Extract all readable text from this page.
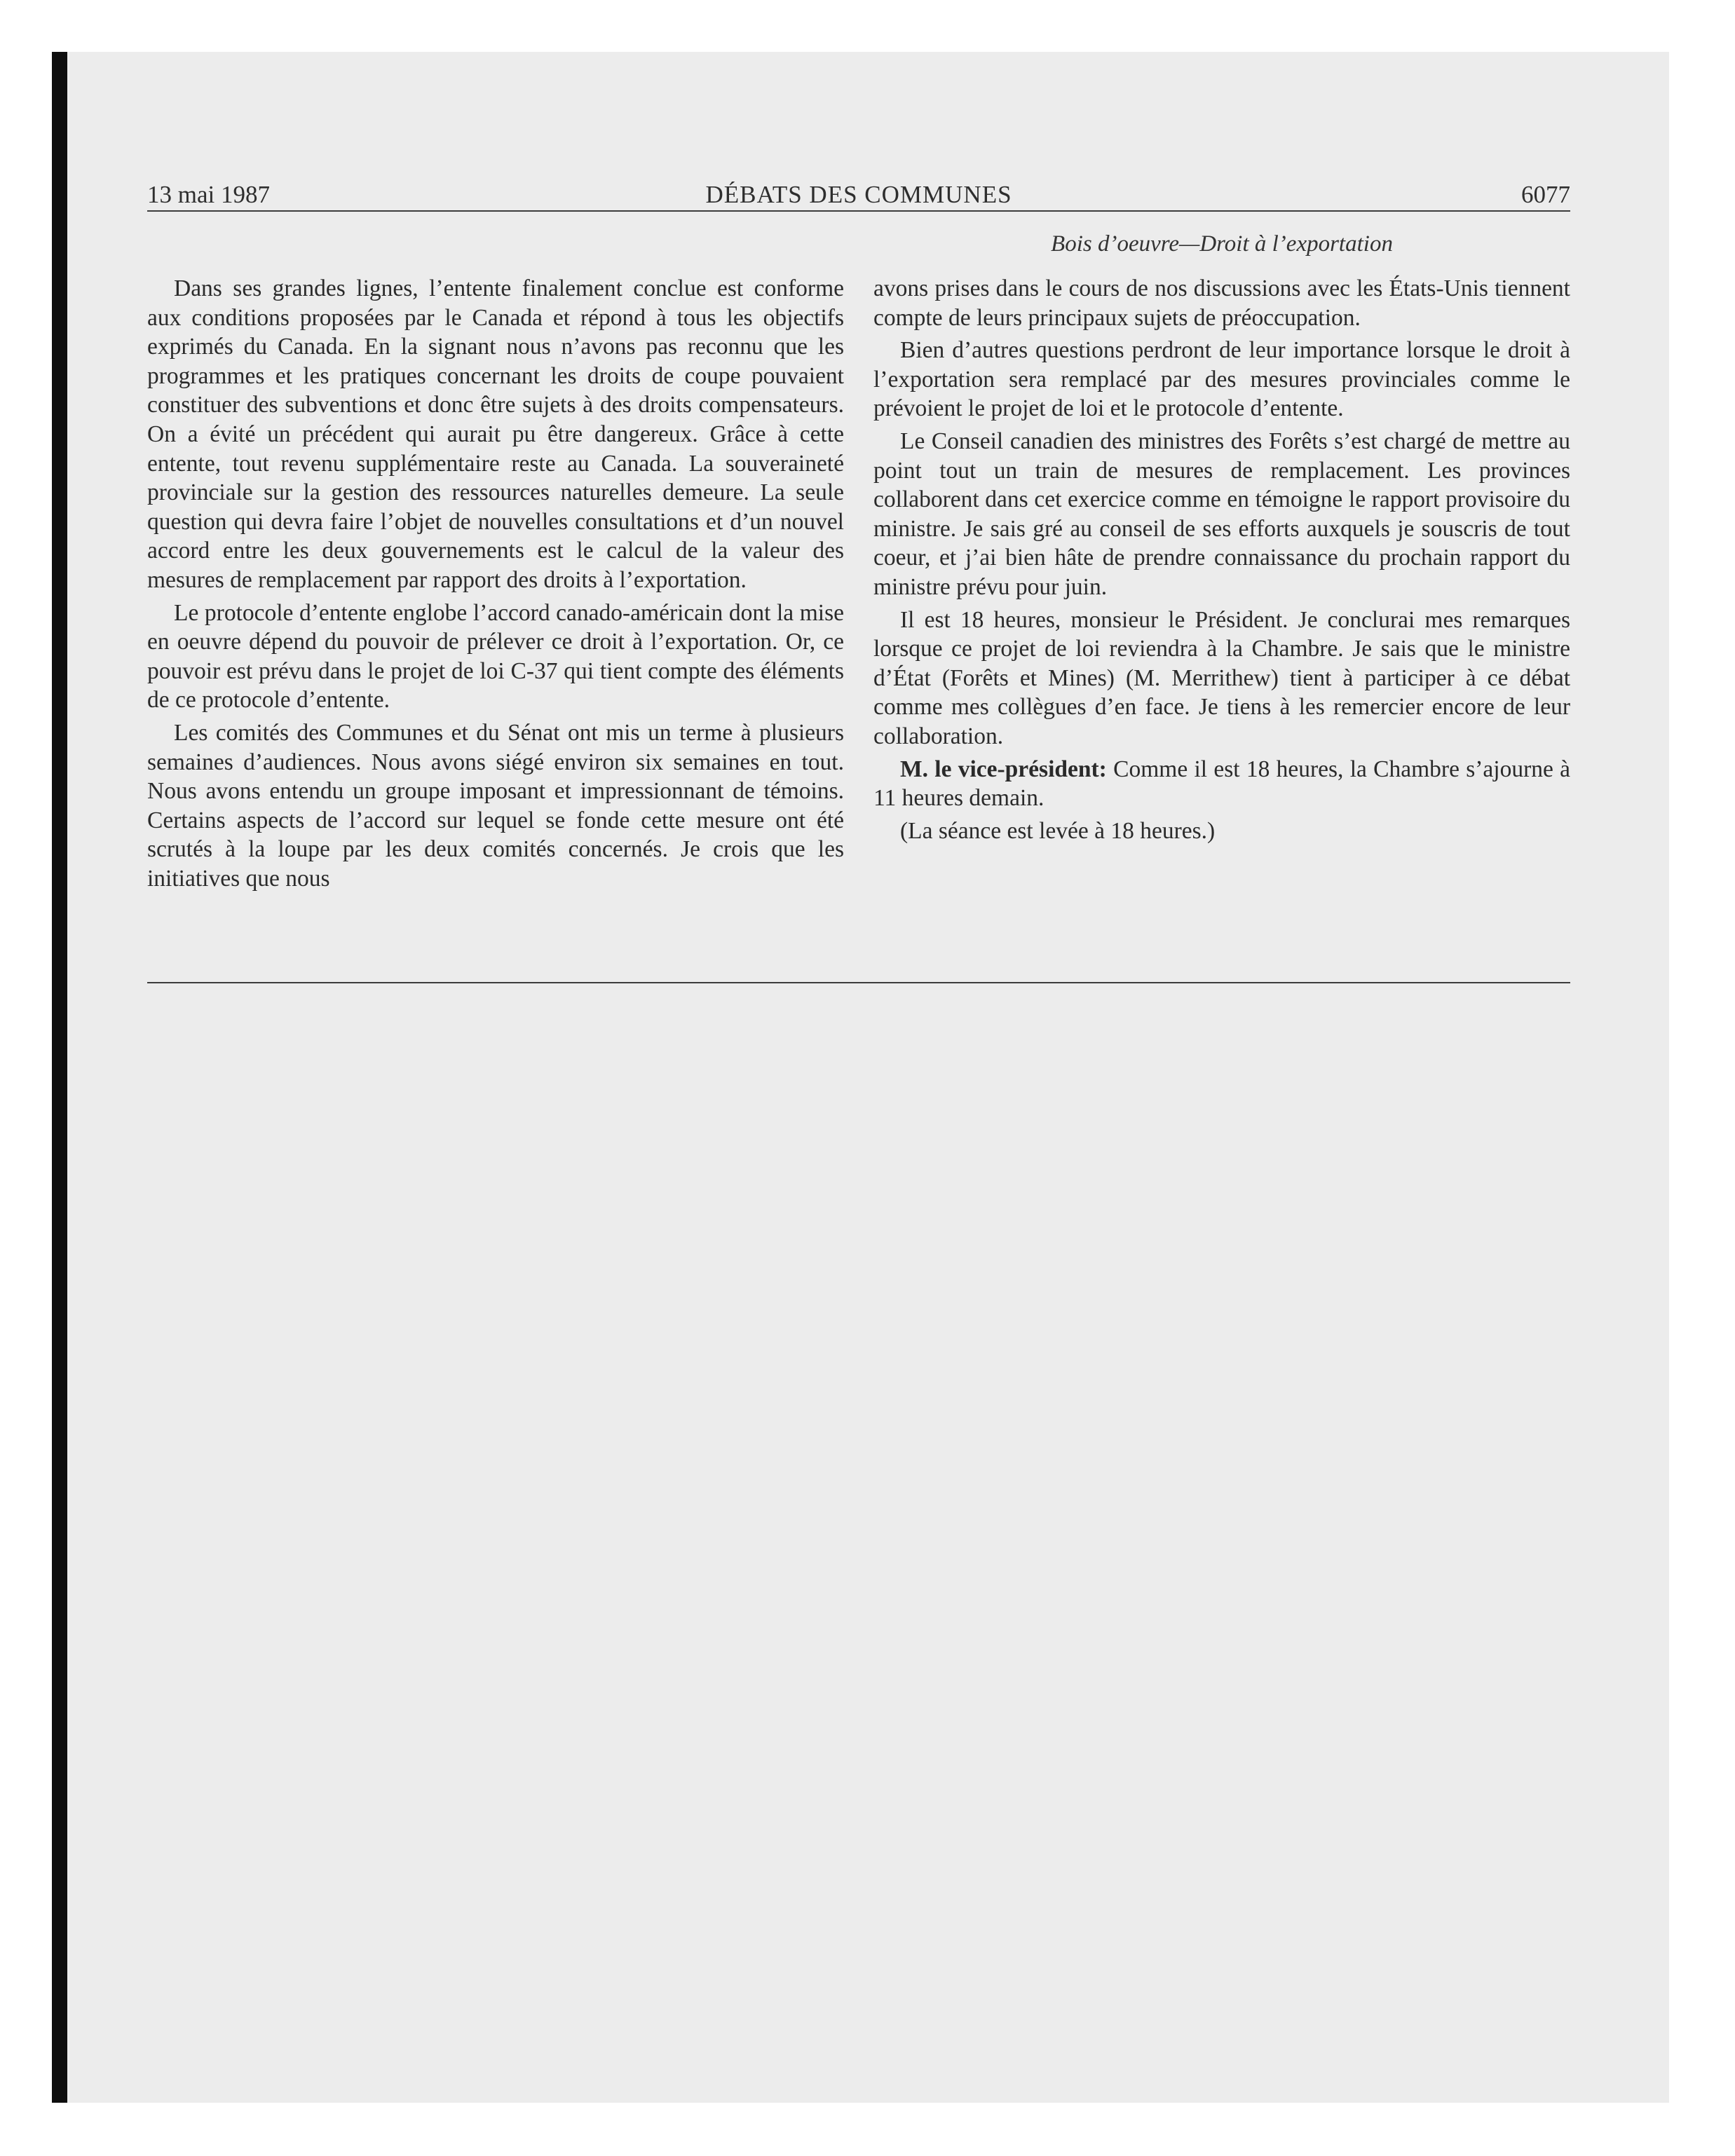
13 mai 1987	DÉBATS DES COMMUNES	6077
Bois d’oeuvre—Droit à l’exportation

Dans ses grandes lignes, l’entente finalement conclue est conforme aux conditions proposées par le Canada et répond à tous les objectifs exprimés du Canada. En la signant nous n’avons pas reconnu que les programmes et les pratiques concernant les droits de coupe pouvaient constituer des subventions et donc être sujets à des droits compensateurs. On a évité un précédent qui aurait pu être dangereux. Grâce à cette entente, tout revenu supplémentaire reste au Canada. La souveraineté provinciale sur la gestion des ressources naturelles demeure. La seule question qui devra faire l’objet de nouvelles consultations et d’un nouvel accord entre les deux gouvernements est le calcul de la valeur des mesures de remplacement par rapport des droits à l’exportation.

Le protocole d’entente englobe l’accord canado-américain dont la mise en oeuvre dépend du pouvoir de prélever ce droit à l’exportation. Or, ce pouvoir est prévu dans le projet de loi C-37 qui tient compte des éléments de ce protocole d’entente.

Les comités des Communes et du Sénat ont mis un terme à plusieurs semaines d’audiences. Nous avons siégé environ six semaines en tout. Nous avons entendu un groupe imposant et impressionnant de témoins. Certains aspects de l’accord sur lequel se fonde cette mesure ont été scrutés à la loupe par les deux comités concernés. Je crois que les initiatives que nous

avons prises dans le cours de nos discussions avec les États-Unis tiennent compte de leurs principaux sujets de préoccupation.

Bien d’autres questions perdront de leur importance lorsque le droit à l’exportation sera remplacé par des mesures provinciales comme le prévoient le projet de loi et le protocole d’entente.

Le Conseil canadien des ministres des Forêts s’est chargé de mettre au point tout un train de mesures de remplacement. Les provinces collaborent dans cet exercice comme en témoigne le rapport provisoire du ministre. Je sais gré au conseil de ses efforts auxquels je souscris de tout coeur, et j’ai bien hâte de prendre connaissance du prochain rapport du ministre prévu pour juin.

Il est 18 heures, monsieur le Président. Je conclurai mes remarques lorsque ce projet de loi reviendra à la Chambre. Je sais que le ministre d’État (Forêts et Mines) (M. Merrithew) tient à participer à ce débat comme mes collègues d’en face. Je tiens à les remercier encore de leur collaboration.

M. le vice-président: Comme il est 18 heures, la Chambre s’ajourne à 11 heures demain.

(La séance est levée à 18 heures.)
